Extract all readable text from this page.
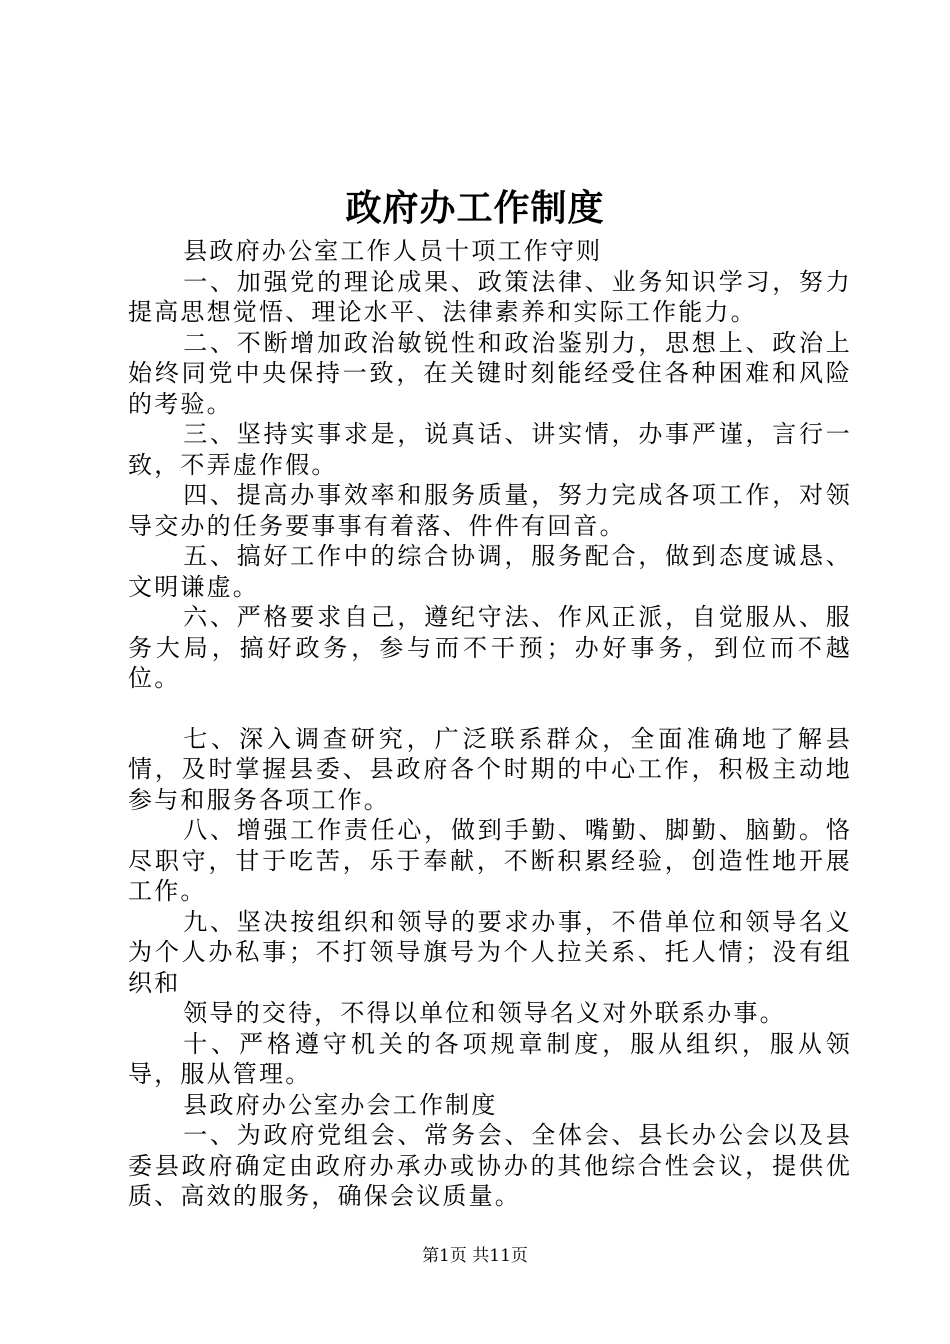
政府办工作制度

县政府办公室工作人员十项工作守则

一、加强党的理论成果、政策法律、业务知识学习，努力提高思想觉悟、理论水平、法律素养和实际工作能力。

二、不断增加政治敏锐性和政治鉴别力，思想上、政治上始终同党中央保持一致，在关键时刻能经受住各种困难和风险的考验。

三、坚持实事求是，说真话、讲实情，办事严谨，言行一致，不弄虚作假。

四、提高办事效率和服务质量，努力完成各项工作，对领导交办的任务要事事有着落、件件有回音。

五、搞好工作中的综合协调，服务配合，做到态度诚恳、文明谦虚。

六、严格要求自己，遵纪守法、作风正派，自觉服从、服务大局，搞好政务，参与而不干预；办好事务，到位而不越位。

七、深入调查研究，广泛联系群众，全面准确地了解县情，及时掌握县委、县政府各个时期的中心工作，积极主动地参与和服务各项工作。

八、增强工作责任心，做到手勤、嘴勤、脚勤、脑勤。恪尽职守，甘于吃苦，乐于奉献，不断积累经验，创造性地开展工作。

九、坚决按组织和领导的要求办事，不借单位和领导名义为个人办私事；不打领导旗号为个人拉关系、托人情；没有组织和

领导的交待，不得以单位和领导名义对外联系办事。

十、严格遵守机关的各项规章制度，服从组织，服从领导，服从管理。

县政府办公室办会工作制度

一、为政府党组会、常务会、全体会、县长办公会以及县委县政府确定由政府办承办或协办的其他综合性会议，提供优质、高效的服务，确保会议质量。

第1页 共11页
